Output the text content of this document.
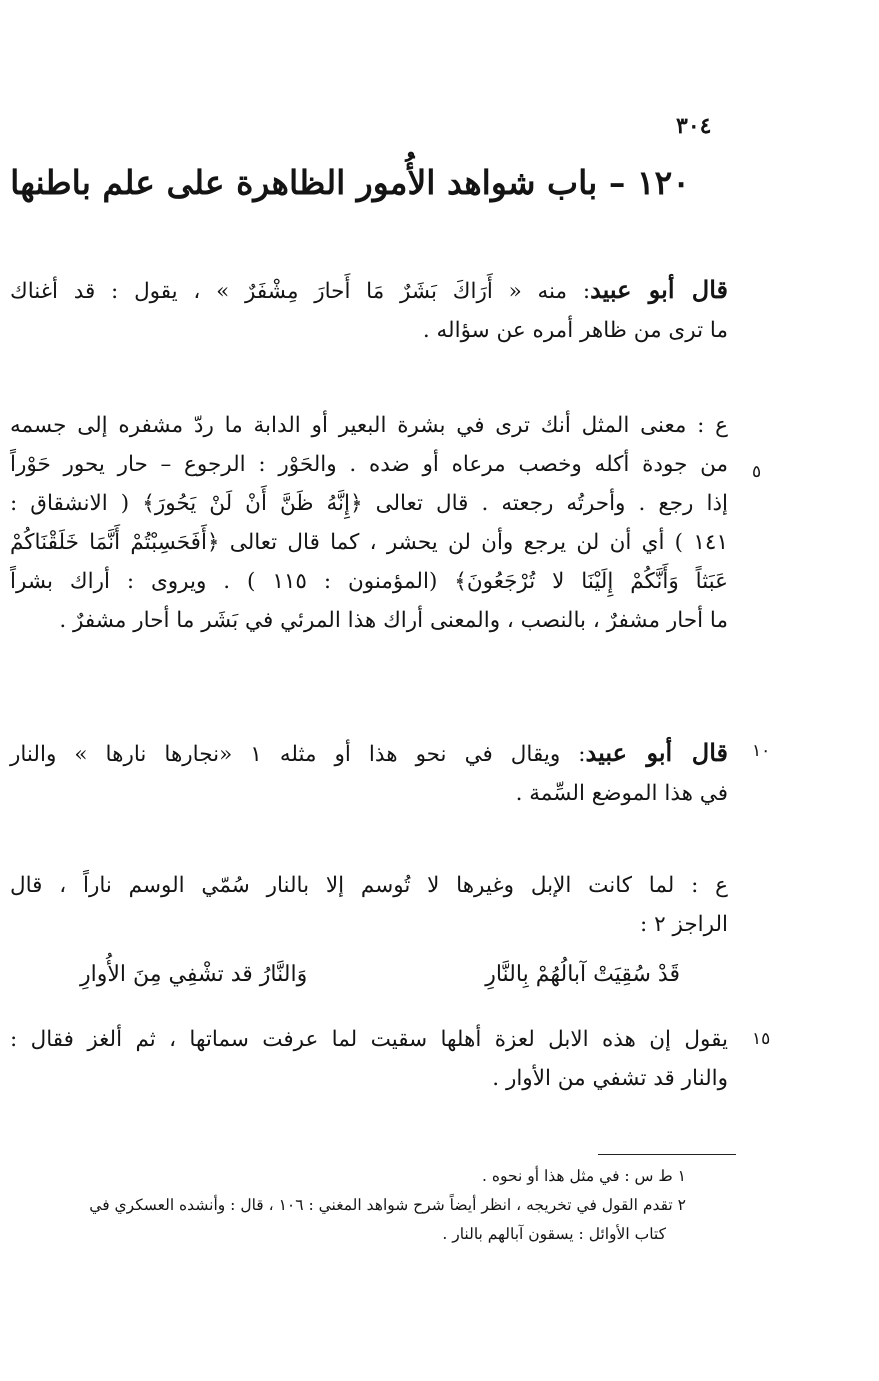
٣٠٤
١٢٠ – باب شواهد الأُمور الظاهرة على علم باطنها
قال أبو عبيد: منه « أَرَاكَ بَشَرٌ مَا أَحارَ مِشْفَرٌ » ، يقول : قد أغناك
ما ترى من ظاهر أمره عن سؤاله .
ع : معنى المثل أنك ترى في بشرة البعير أو الدابة ما ردّ مشفره إلى جسمه
من جودة أكله وخصب مرعاه أو ضده . والحَوْر : الرجوع – حار يحور حَوْراً
إذا رجع . وأحرتُه رجعته . قال تعالى ﴿إِنَّهُ ظَنَّ أَنْ لَنْ يَحُورَ﴾ ( الانشقاق :
١٤١ ) أي أن لن يرجع وأن لن يحشر ، كما قال تعالى ﴿أَفَحَسِبْتُمْ أَنَّمَا خَلَقْنَاكُمْ
عَبَثاً وَأَنَّكُمْ إِلَيْنَا لا تُرْجَعُونَ﴾ (المؤمنون : ١١٥ ) . ويروى : أراك بشراً
ما أحار مشفرٌ ، بالنصب ، والمعنى أراك هذا المرئي في بَشَر ما أحار مشفرٌ .
قال أبو عبيد: ويقال في نحو هذا أو مثله ١ «نجارها نارها » والنار
في هذا الموضع السِّمة .
ع : لما كانت الإبل وغيرها لا تُوسم إلا بالنار سُمّي الوسم ناراً ، قال
الراجز ٢ :
قَدْ سُقِيَتْ آبالُهُمْ بِالنَّارِ
وَالنَّارُ قد تشْفِي مِنَ الأُوارِ
يقول إن هذه الابل لعزة أهلها سقيت لما عرفت سماتها ، ثم ألغز فقال :
والنار قد تشفي من الأوار .
٥
١٠
١٥
١ ط س : في مثل هذا أو نحوه .
٢ تقدم القول في تخريجه ، انظر أيضاً شرح شواهد المغني : ١٠٦ ، قال : وأنشده العسكري في
كتاب الأوائل : يسقون آبالهم بالنار .
